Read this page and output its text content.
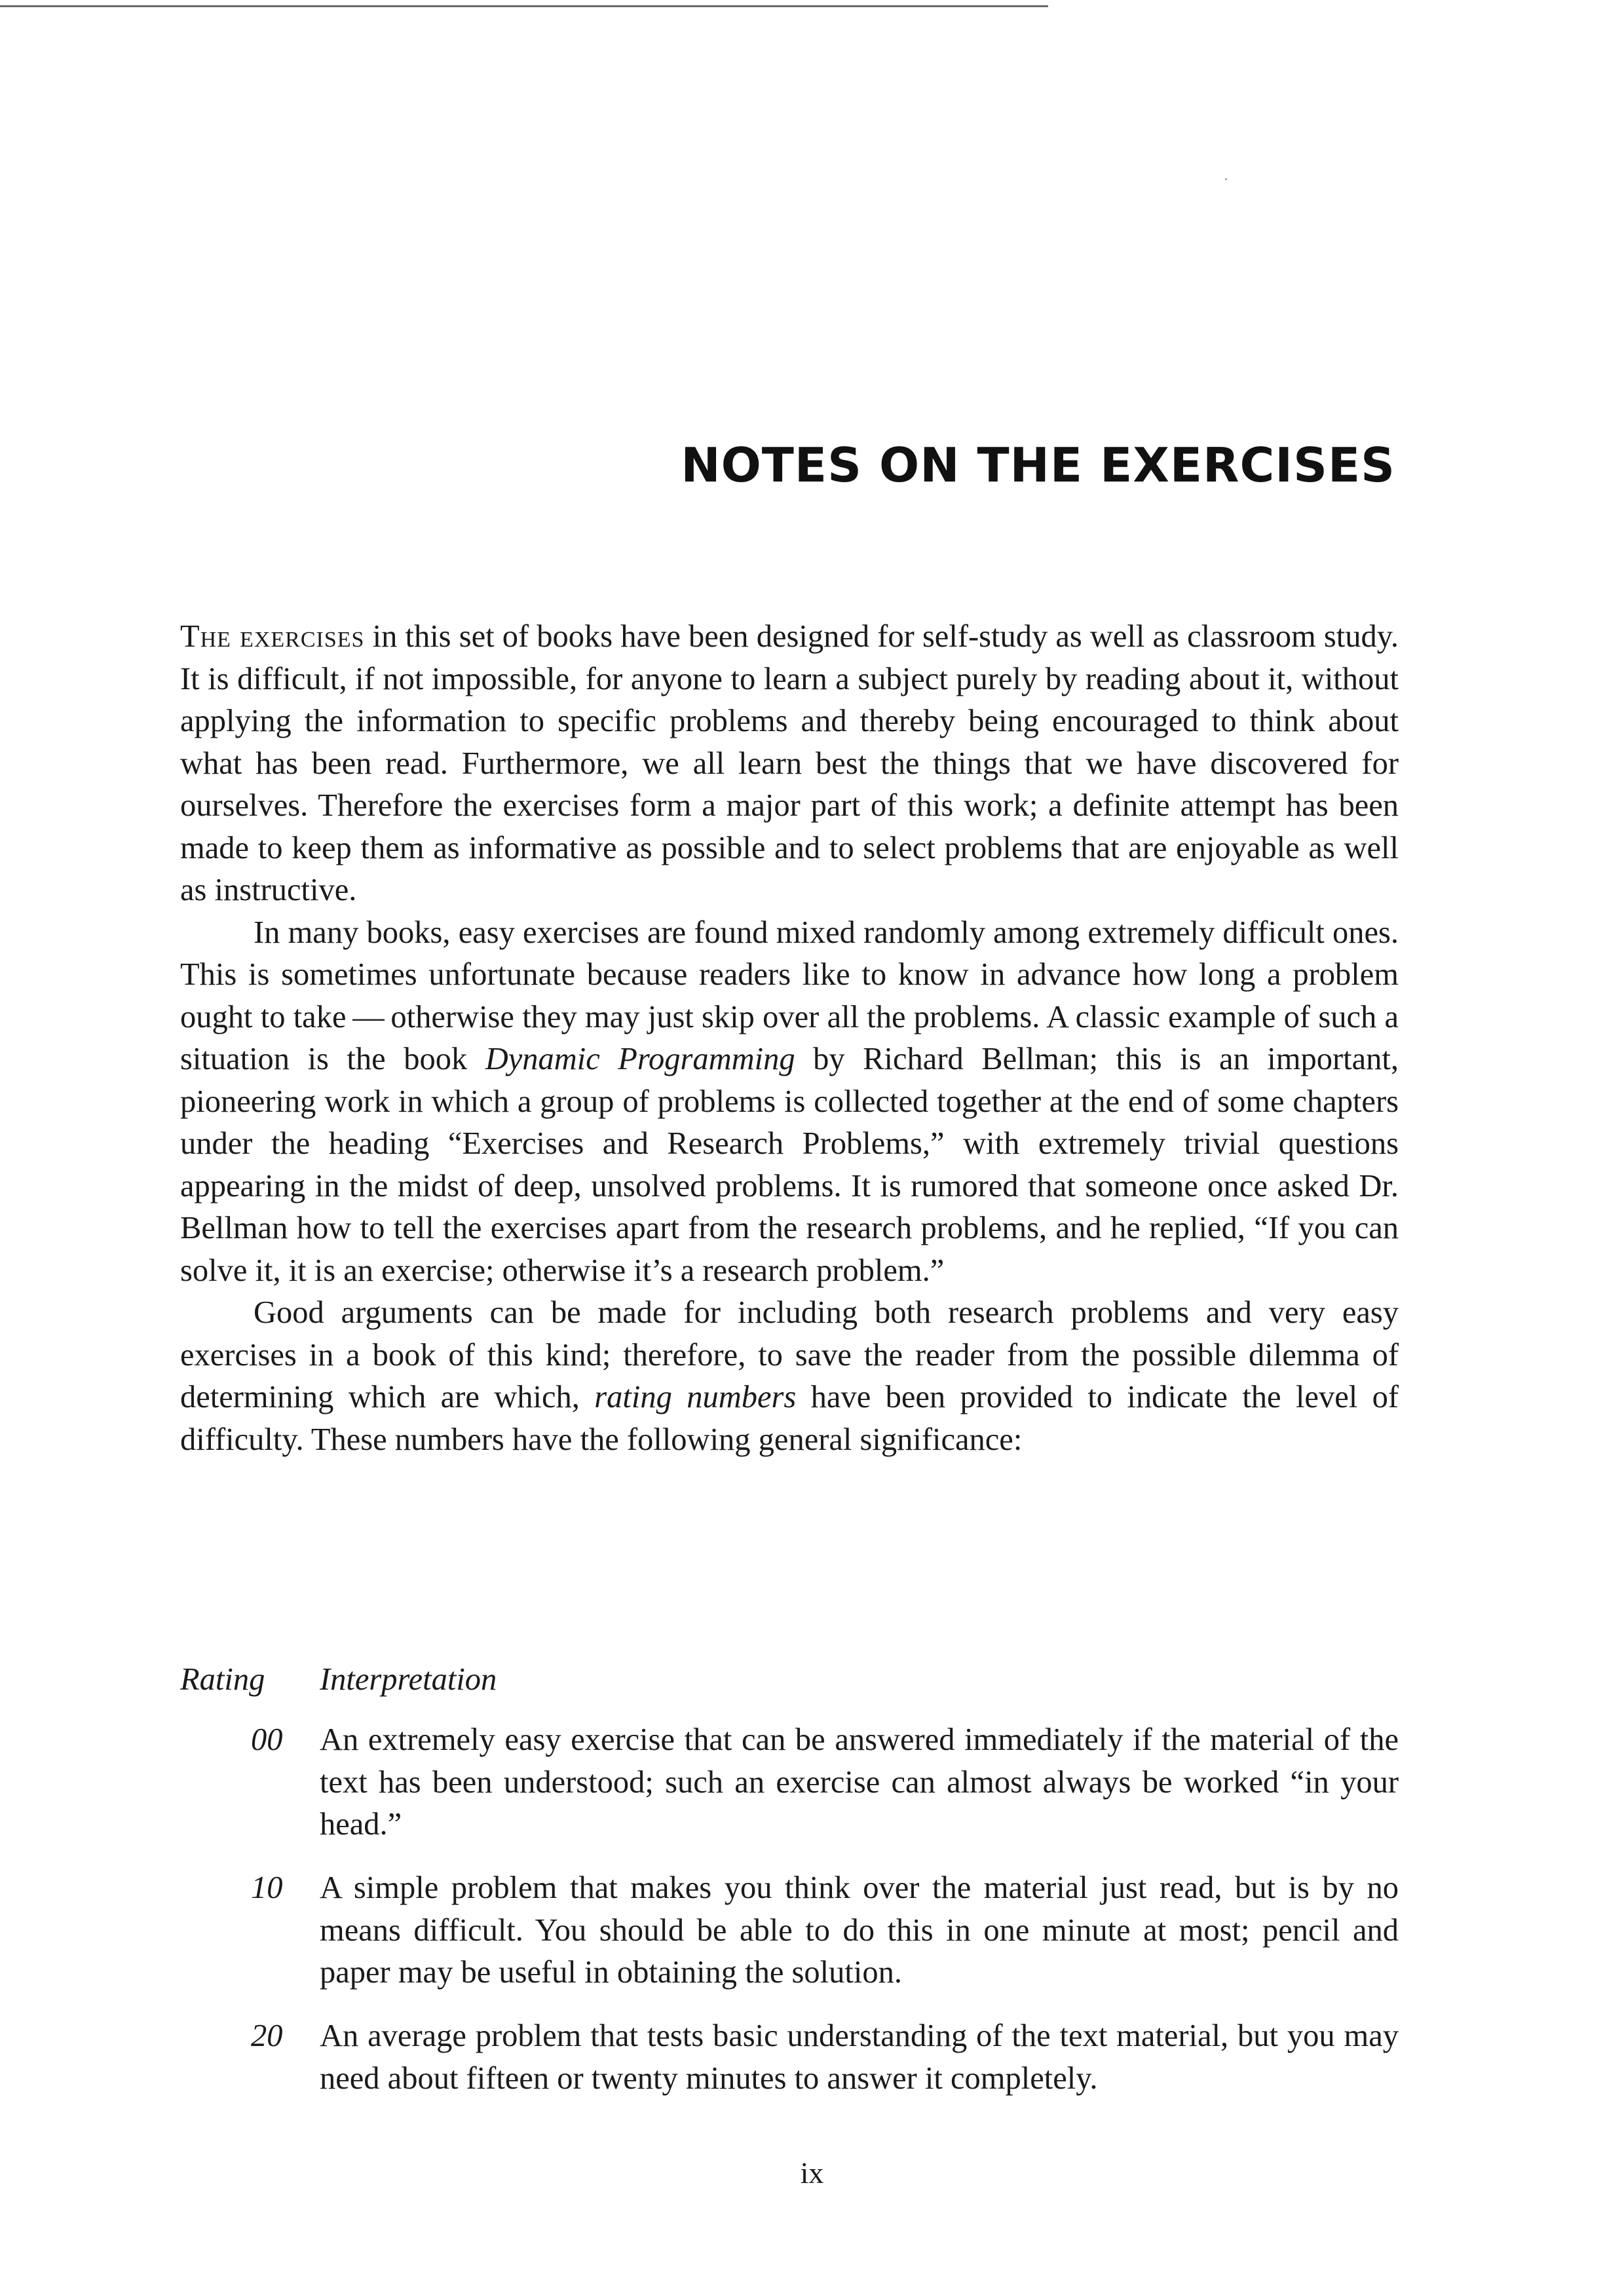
NOTES ON THE EXERCISES

The exercises in this set of books have been designed for self-study as well as classroom study. It is difficult, if not impossible, for anyone to learn a subject purely by reading about it, without applying the information to specific problems and thereby being encouraged to think about what has been read. Furthermore, we all learn best the things that we have discovered for ourselves. Therefore the exercises form a major part of this work; a definite attempt has been made to keep them as informative as possible and to select problems that are enjoyable as well as instructive.

In many books, easy exercises are found mixed randomly among extremely difficult ones. This is sometimes unfortunate because readers like to know in advance how long a problem ought to take — otherwise they may just skip over all the problems. A classic example of such a situation is the book Dynamic Programming by Richard Bellman; this is an important, pioneering work in which a group of problems is collected together at the end of some chapters under the heading “Exercises and Research Problems,” with extremely trivial questions appearing in the midst of deep, unsolved problems. It is rumored that someone once asked Dr. Bellman how to tell the exercises apart from the research problems, and he replied, “If you can solve it, it is an exercise; otherwise it’s a research problem.”

Good arguments can be made for including both research problems and very easy exercises in a book of this kind; therefore, to save the reader from the possible dilemma of determining which are which, rating numbers have been provided to indicate the level of difficulty. These numbers have the following general significance:

Rating Interpretation
00 An extremely easy exercise that can be answered immediately if the material of the text has been understood; such an exercise can almost always be worked “in your head.”
10 A simple problem that makes you think over the material just read, but is by no means difficult. You should be able to do this in one minute at most; pencil and paper may be useful in obtaining the solution.
20 An average problem that tests basic understanding of the text material, but you may need about fifteen or twenty minutes to answer it completely.
ix
